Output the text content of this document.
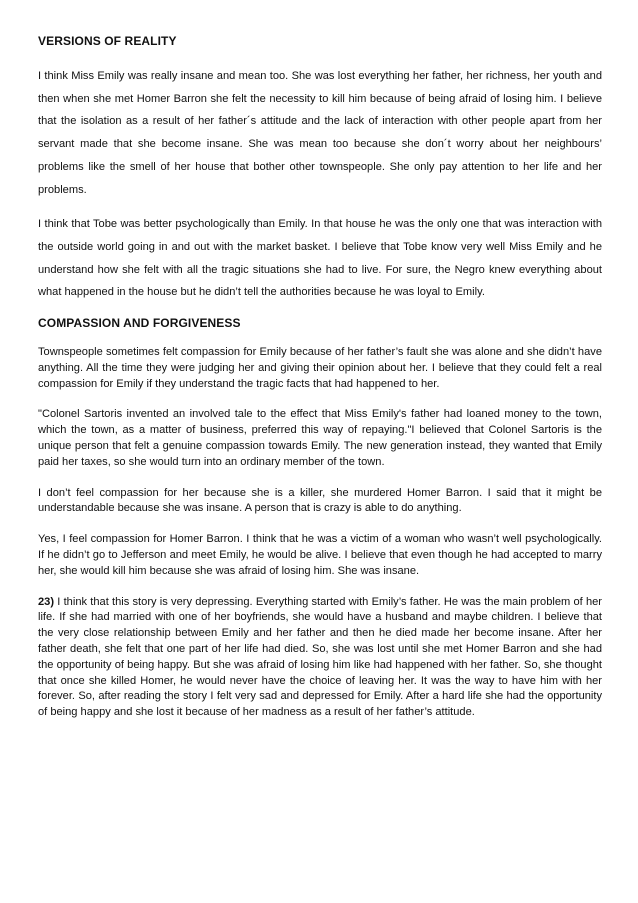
VERSIONS OF REALITY

I think Miss Emily was really insane and mean too. She was lost everything her father, her richness, her youth and then when she met Homer Barron she felt the necessity to kill him because of being afraid of losing him. I believe that the isolation as a result of her father´s attitude and the lack of interaction with other people apart from her servant made that she become insane. She was mean too because she don´t worry about her neighbours’ problems like the smell of her house that bother other townspeople. She only pay attention to her life and her problems.

I think that Tobe was better psychologically than Emily. In that house he was the only one that was interaction with the outside world going in and out with the market basket. I believe that Tobe know very well Miss Emily and he understand how she felt with all the tragic situations she had to live. For sure, the Negro knew everything about what happened in the house but he didn’t tell the authorities because he was loyal to Emily.

COMPASSION AND FORGIVENESS

Townspeople sometimes felt compassion for Emily because of her father’s fault she was alone and she didn’t have anything. All the time they were judging her and giving their opinion about her. I believe that they could felt a real compassion for Emily if they understand the tragic facts that had happened to her.

"Colonel Sartoris invented an involved tale to the effect that Miss Emily's father had loaned money to the town, which the town, as a matter of business, preferred this way of repaying."I believed that Colonel Sartoris is the unique person that felt a genuine compassion towards Emily. The new generation instead, they wanted that Emily paid her taxes, so she would turn into an ordinary member of the town.

I don’t feel compassion for her because she is a killer, she murdered Homer Barron. I said that it might be understandable because she was insane. A person that is crazy is able to do anything.

Yes, I feel compassion for Homer Barron. I think that he was a victim of a woman who wasn’t well psychologically. If he didn’t go to Jefferson and meet Emily, he would be alive. I believe that even though he had accepted to marry her, she would kill him because she was afraid of losing him. She was insane.

23) I think that this story is very depressing. Everything started with Emily’s father. He was the main problem of her life. If she had married with one of her boyfriends, she would have a husband and maybe children. I believe that the very close relationship between Emily and her father and then he died made her become insane. After her father death, she felt that one part of her life had died. So, she was lost until she met Homer Barron and she had the opportunity of being happy. But she was afraid of losing him like had happened with her father. So, she thought that once she killed Homer, he would never have the choice of leaving her. It was the way to have him with her forever. So, after reading the story I felt very sad and depressed for Emily. After a hard life she had the opportunity of being happy and she lost it because of her madness as a result of her father’s attitude.
